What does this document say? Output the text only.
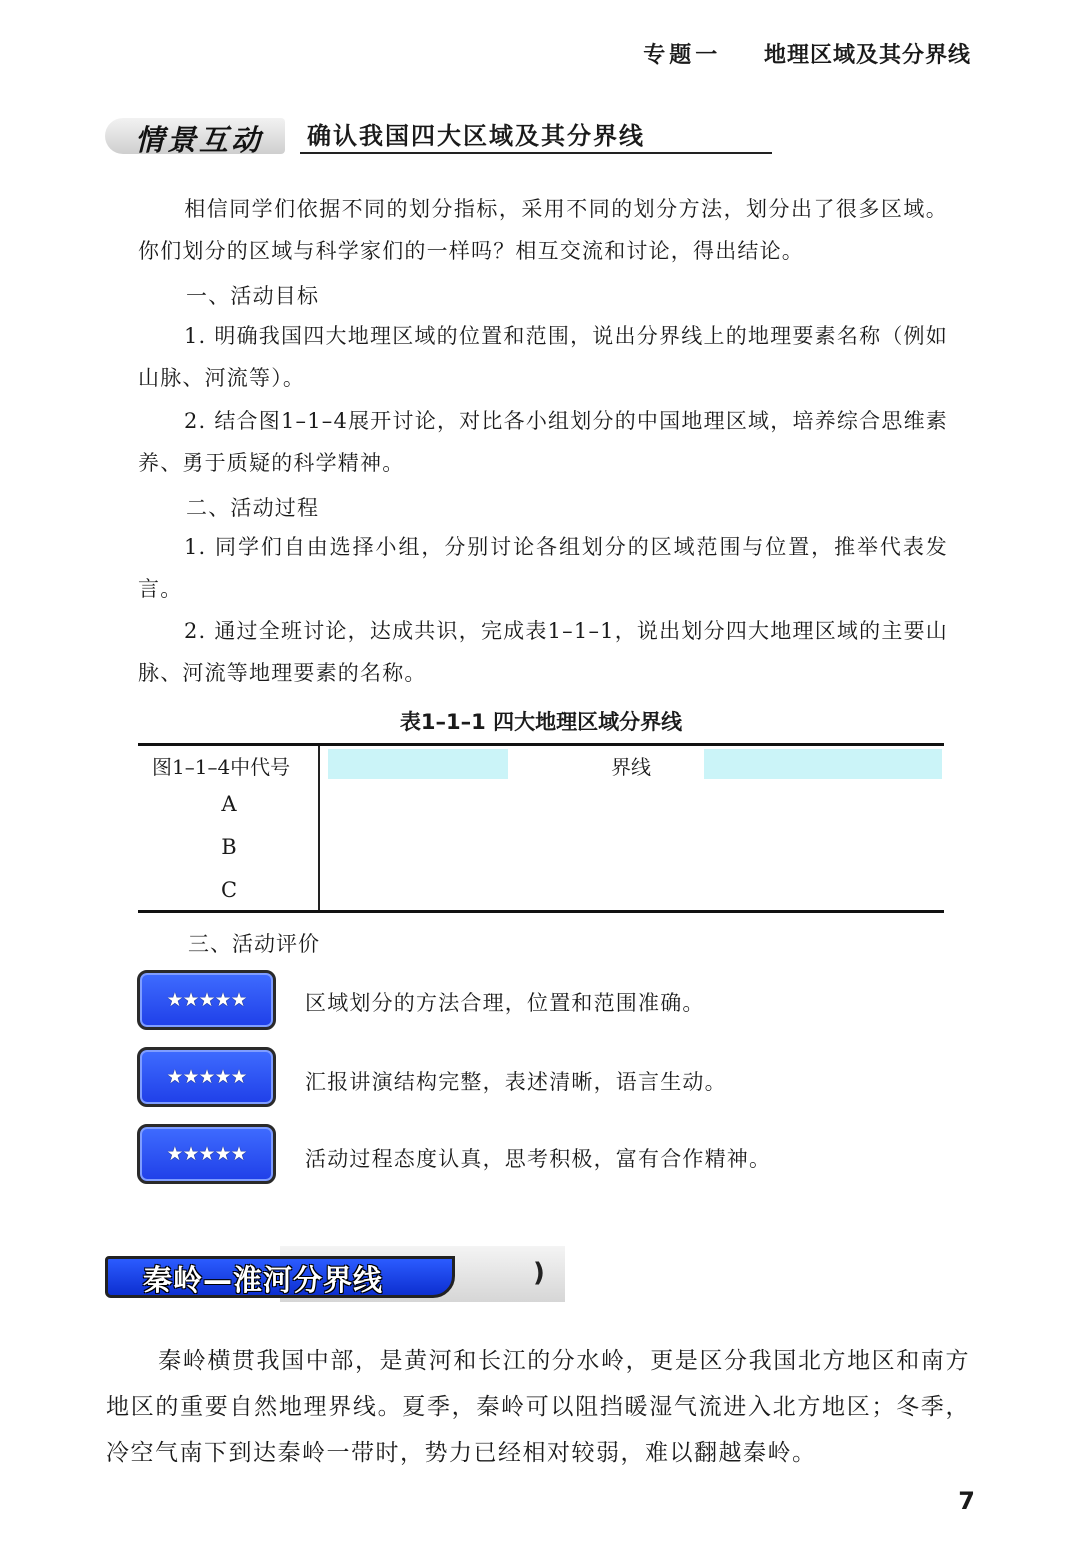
专题一 地理区域及其分界线
情景互动 确认我国四大区域及其分界线
相信同学们依据不同的划分指标，采用不同的划分方法，划分出了很多区域。你们划分的区域与科学家们的一样吗？相互交流和讨论，得出结论。
一、活动目标
1. 明确我国四大地理区域的位置和范围，说出分界线上的地理要素名称（例如山脉、河流等）。
2. 结合图1–1–4展开讨论，对比各小组划分的中国地理区域，培养综合思维素养、勇于质疑的科学精神。
二、活动过程
1. 同学们自由选择小组，分别讨论各组划分的区域范围与位置，推举代表发言。
2. 通过全班讨论，达成共识，完成表1–1–1，说出划分四大地理区域的主要山脉、河流等地理要素的名称。
表1–1–1 四大地理区域分界线
图1–1–4中代号	界线
A
B
C
三、活动评价
★★★★★	区域划分的方法合理，位置和范围准确。
★★★★★	汇报讲演结构完整，表述清晰，语言生动。
★★★★★	活动过程态度认真，思考积极，富有合作精神。
秦岭—淮河分界线	)
秦岭横贯我国中部，是黄河和长江的分水岭，更是区分我国北方地区和南方地区的重要自然地理界线。夏季，秦岭可以阻挡暖湿气流进入北方地区；冬季，冷空气南下到达秦岭一带时，势力已经相对较弱，难以翻越秦岭。
7
